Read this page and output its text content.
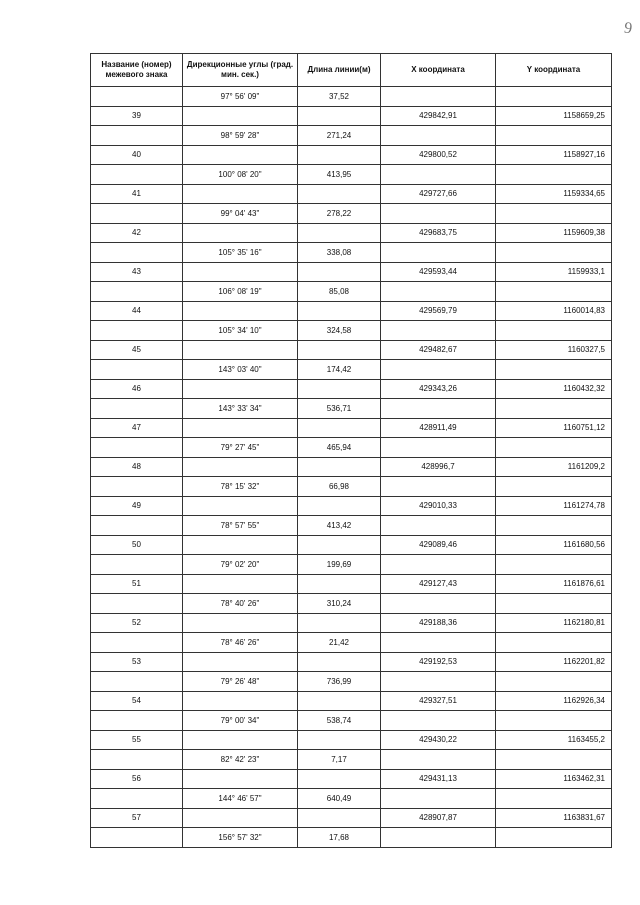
9
Название (номер) межевого знака	Дирекционные углы (град. мин. сек.)	Длина линии(м)	X координата	Y координата
	97° 56' 09"	37,52		
39			429842,91	1158659,25
	98° 59' 28"	271,24		
40			429800,52	1158927,16
	100° 08' 20"	413,95		
41			429727,66	1159334,65
	99° 04' 43"	278,22		
42			429683,75	1159609,38
	105° 35' 16"	338,08		
43			429593,44	1159933,1
	106° 08' 19"	85,08		
44			429569,79	1160014,83
	105° 34' 10"	324,58		
45			429482,67	1160327,5
	143° 03' 40"	174,42		
46			429343,26	1160432,32
	143° 33' 34"	536,71		
47			428911,49	1160751,12
	79° 27' 45"	465,94		
48			428996,7	1161209,2
	78° 15' 32"	66,98		
49			429010,33	1161274,78
	78° 57' 55"	413,42		
50			429089,46	1161680,56
	79° 02' 20"	199,69		
51			429127,43	1161876,61
	78° 40' 26"	310,24		
52			429188,36	1162180,81
	78° 46' 26"	21,42		
53			429192,53	1162201,82
	79° 26' 48"	736,99		
54			429327,51	1162926,34
	79° 00' 34"	538,74		
55			429430,22	1163455,2
	82° 42' 23"	7,17		
56			429431,13	1163462,31
	144° 46' 57"	640,49		
57			428907,87	1163831,67
	156° 57' 32"	17,68		
